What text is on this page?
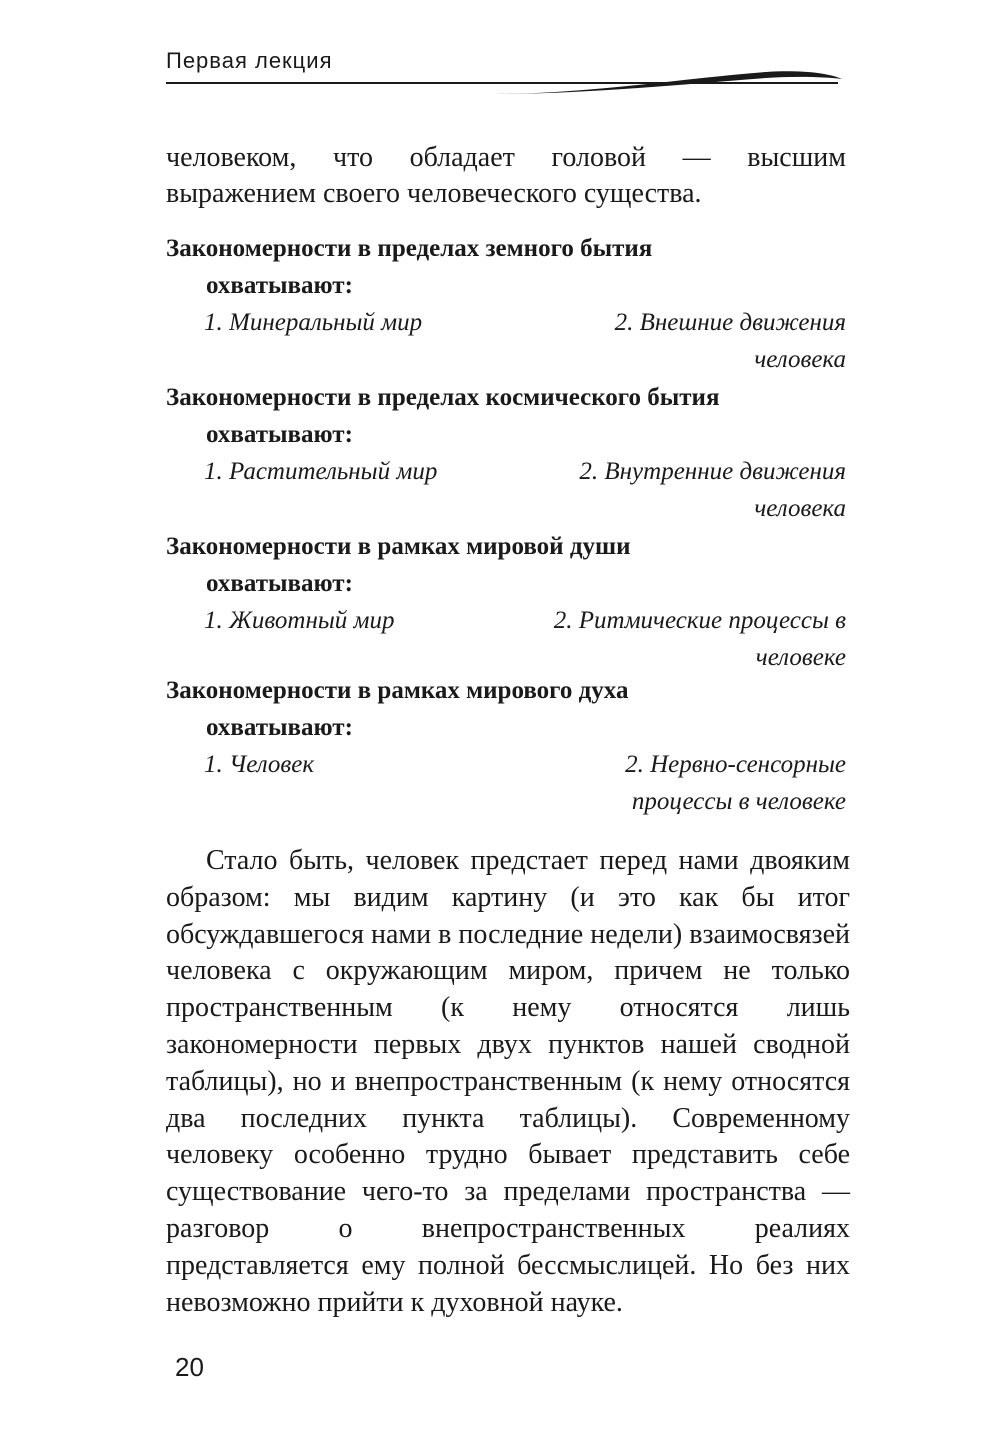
Первая лекция

человеком, что обладает головой — высшим выражением своего человеческого существа.

Закономерности в пределах земного бытия

охватывают:

1. Минеральный мир	2. Внешние движения человека

Закономерности в пределах космического бытия

охватывают:

1. Растительный мир	2. Внутренние движения человека

Закономерности в рамках мировой души

охватывают:

1. Животный мир	2. Ритмические процессы в человеке

Закономерности в рамках мирового духа

охватывают:

1. Человек	2. Нервно-сенсорные процессы в человеке

Стало быть, человек предстает перед нами двояким образом: мы видим картину (и это как бы итог обсуждавшегося нами в последние недели) взаимосвязей человека с окружающим миром, причем не только пространственным (к нему относятся лишь закономерности первых двух пунктов нашей сводной таблицы), но и внепространственным (к нему относятся два последних пункта таблицы). Современному человеку особенно трудно бывает представить себе существование чего-то за пределами пространства — разговор о внепространственных реалиях представляется ему полной бессмыслицей. Но без них невозможно прийти к духовной науке.

20
